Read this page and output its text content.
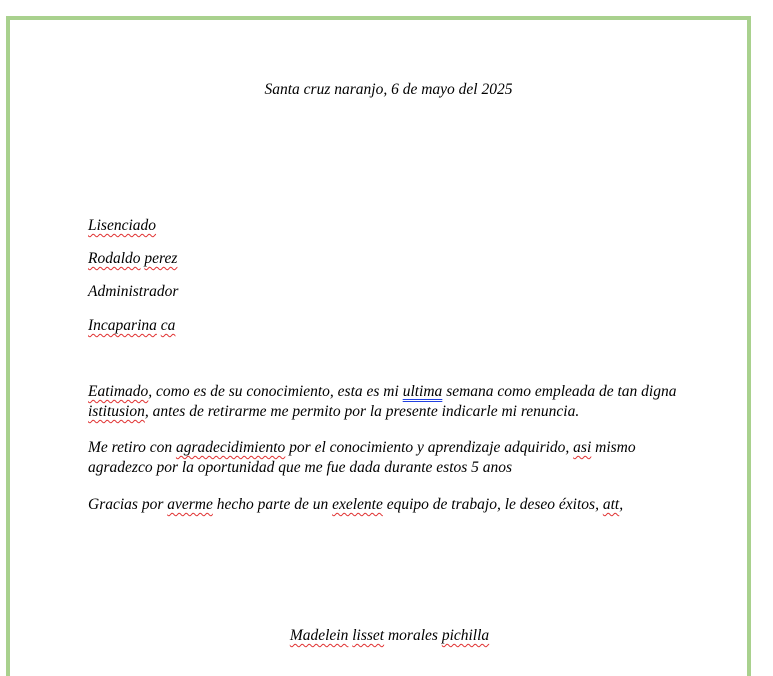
Santa cruz naranjo, 6 de mayo del 2025
Lisenciado
Rodaldo perez
Administrador
Incaparina ca
Eatimado, como es de su conocimiento, esta es mi ultima semana como empleada de tan digna istitusion, antes de retirarme me permito por la presente indicarle mi renuncia.
Me retiro con agradecidimiento por el conocimiento y aprendizaje adquirido, asi mismo agradezco por la oportunidad que me fue dada durante estos 5 anos
Gracias por averme hecho parte de un exelente equipo de trabajo, le deseo éxitos, att,
Madelein lisset morales pichilla
